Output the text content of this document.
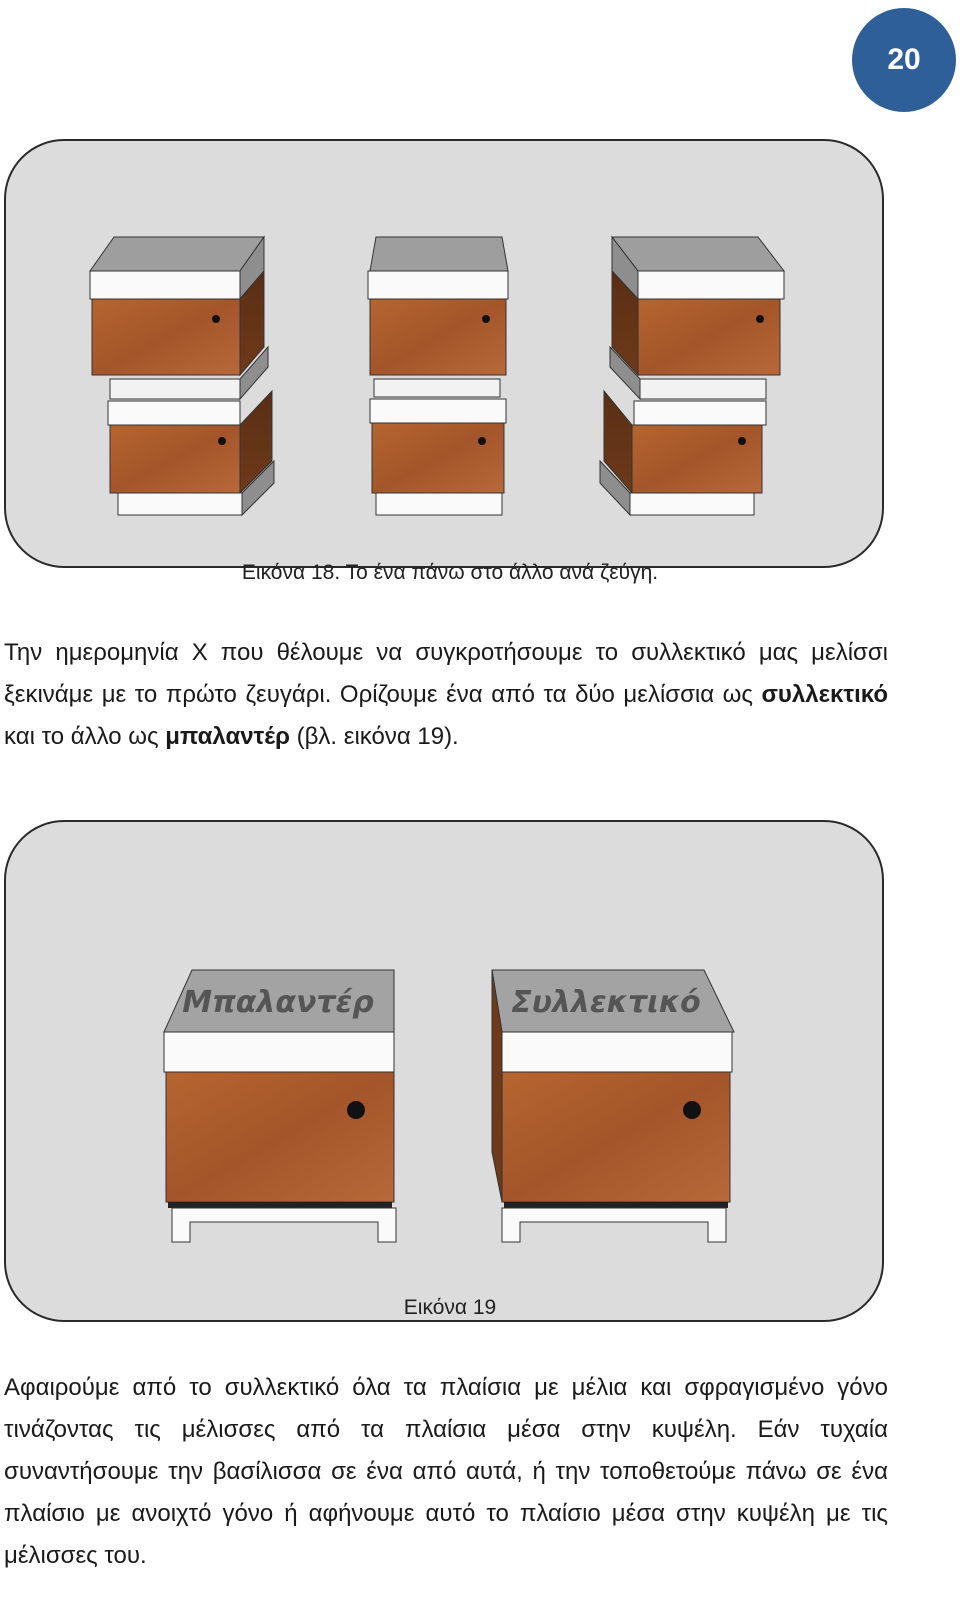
20
Εικόνα 18. Το ένα πάνω στο άλλο ανά ζεύγη.
Την ημερομηνία Χ που θέλουμε να συγκροτήσουμε το συλλεκτικό μας μελίσσι ξεκινάμε με το πρώτο ζευγάρι. Ορίζουμε ένα από τα δύο μελίσσια ως συλλεκτικό και το άλλο ως μπαλαντέρ (βλ. εικόνα 19).
Μπαλαντέρ	Συλλεκτικό
Εικόνα 19
Αφαιρούμε από το συλλεκτικό όλα τα πλαίσια με μέλια και σφραγισμένο γόνο τινάζοντας τις μέλισσες από τα πλαίσια μέσα στην κυψέλη. Εάν τυχαία συναντήσουμε την βασίλισσα σε ένα από αυτά, ή την τοποθετούμε πάνω σε ένα πλαίσιο με ανοιχτό γόνο ή αφήνουμε αυτό το πλαίσιο μέσα στην κυψέλη με τις μέλισσες του.
